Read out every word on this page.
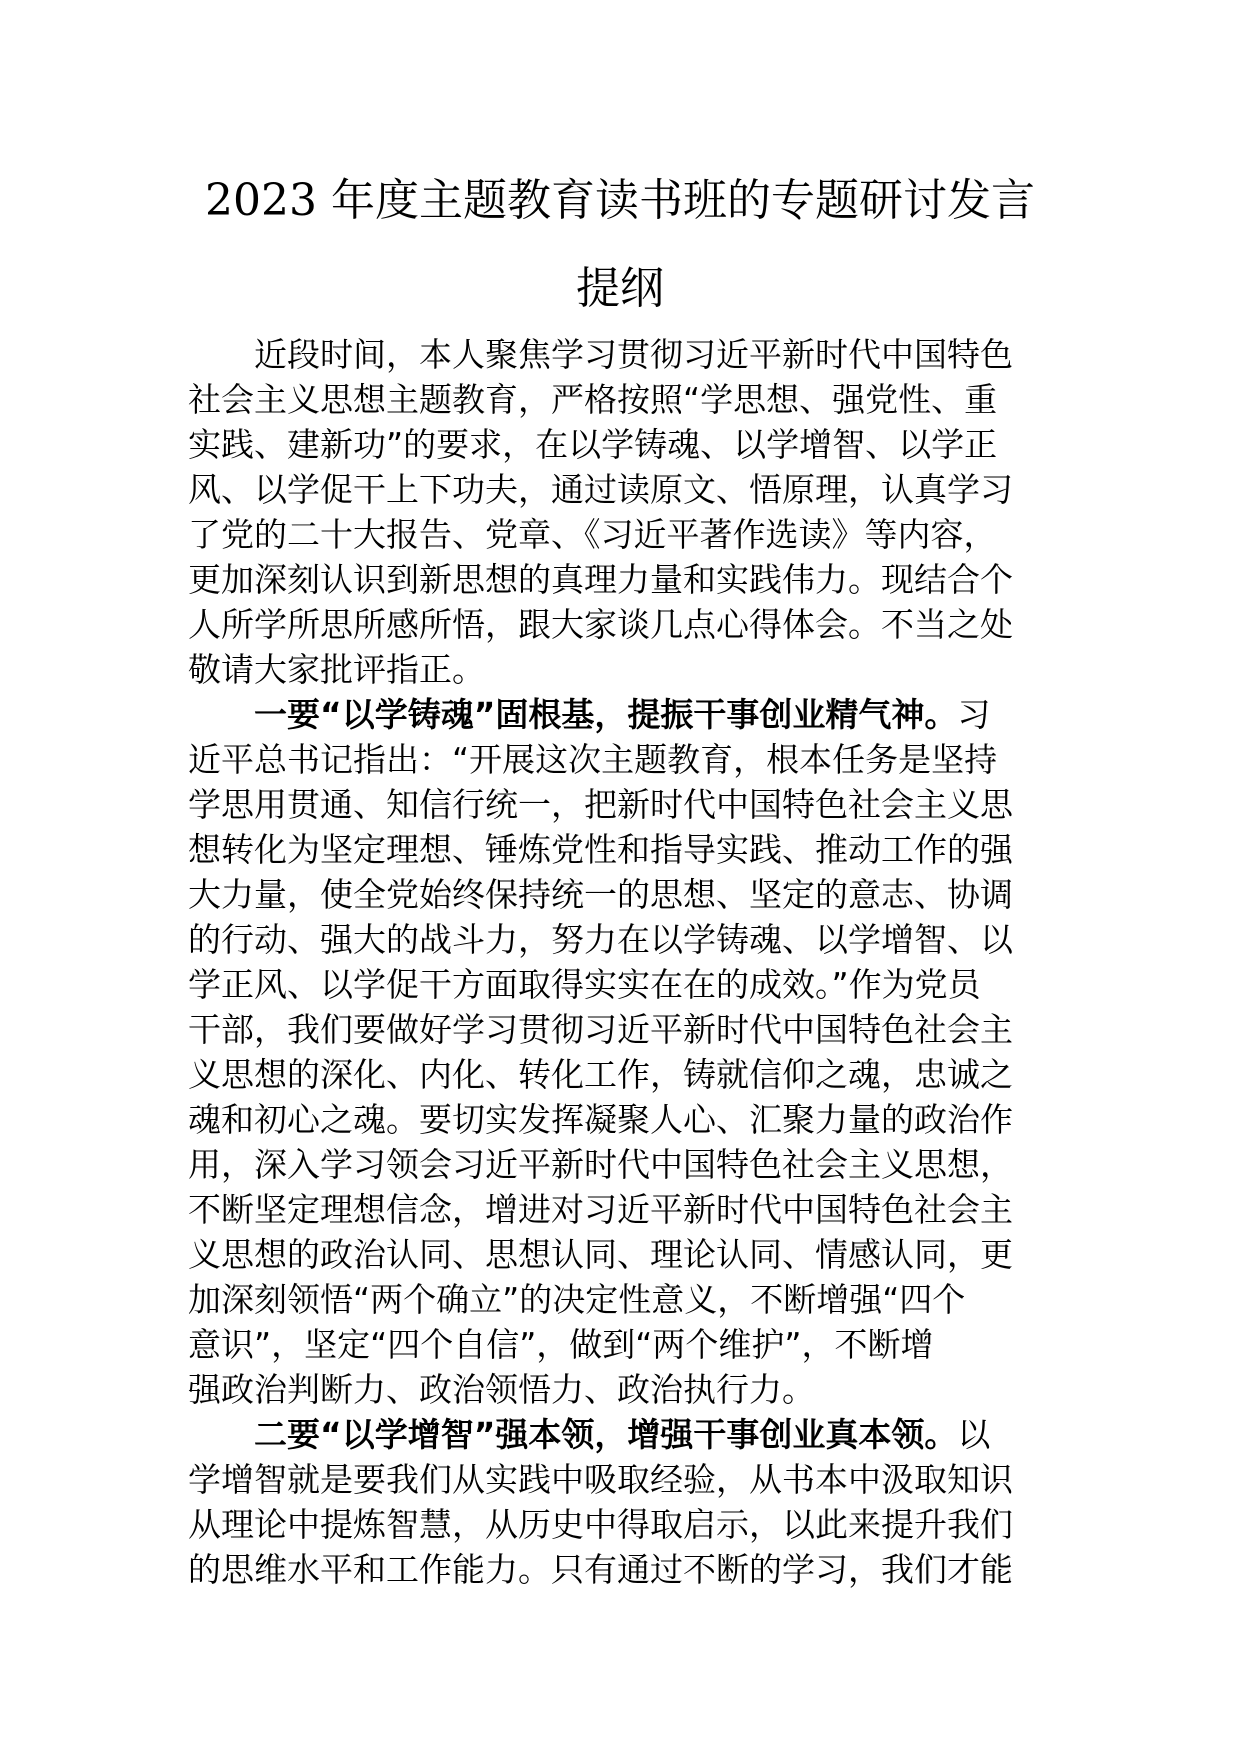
2023 年度主题教育读书班的专题研讨发言
提纲
近段时间，本人聚焦学习贯彻习近平新时代中国特色
社会主义思想主题教育，严格按照“学思想、强党性、重
实践、建新功”的要求，在以学铸魂、以学增智、以学正
风、以学促干上下功夫，通过读原文、悟原理，认真学习
了党的二十大报告、党章、《习近平著作选读》等内容，
更加深刻认识到新思想的真理力量和实践伟力。现结合个
人所学所思所感所悟，跟大家谈几点心得体会。不当之处
敬请大家批评指正。
一要“以学铸魂”固根基，提振干事创业精气神。习
近平总书记指出：“开展这次主题教育，根本任务是坚持
学思用贯通、知信行统一，把新时代中国特色社会主义思
想转化为坚定理想、锤炼党性和指导实践、推动工作的强
大力量，使全党始终保持统一的思想、坚定的意志、协调
的行动、强大的战斗力，努力在以学铸魂、以学增智、以
学正风、以学促干方面取得实实在在的成效。”作为党员
干部，我们要做好学习贯彻习近平新时代中国特色社会主
义思想的深化、内化、转化工作，铸就信仰之魂，忠诚之
魂和初心之魂。要切实发挥凝聚人心、汇聚力量的政治作
用，深入学习领会习近平新时代中国特色社会主义思想，
不断坚定理想信念，增进对习近平新时代中国特色社会主
义思想的政治认同、思想认同、理论认同、情感认同，更
加深刻领悟“两个确立”的决定性意义，不断增强“四个
意识”，坚定“四个自信”，做到“两个维护”，不断增
强政治判断力、政治领悟力、政治执行力。
二要“以学增智”强本领，增强干事创业真本领。以
学增智就是要我们从实践中吸取经验，从书本中汲取知识
从理论中提炼智慧，从历史中得取启示，以此来提升我们
的思维水平和工作能力。只有通过不断的学习，我们才能
